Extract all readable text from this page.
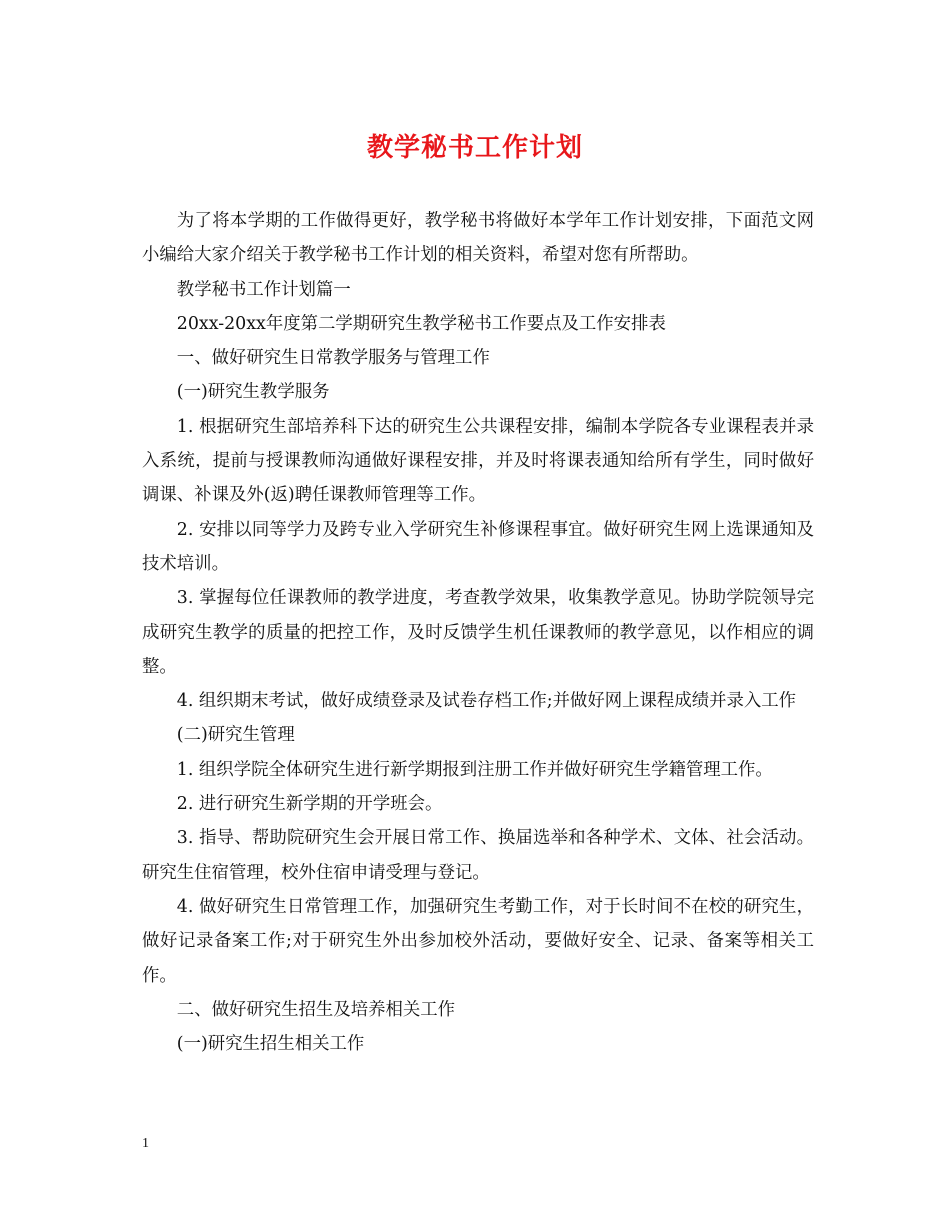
教学秘书工作计划

为了将本学期的工作做得更好，教学秘书将做好本学年工作计划安排，下面范文网小编给大家介绍关于教学秘书工作计划的相关资料，希望对您有所帮助。

教学秘书工作计划篇一

20xx-20xx年度第二学期研究生教学秘书工作要点及工作安排表

一、做好研究生日常教学服务与管理工作

(一)研究生教学服务

1. 根据研究生部培养科下达的研究生公共课程安排，编制本学院各专业课程表并录入系统，提前与授课教师沟通做好课程安排，并及时将课表通知给所有学生，同时做好调课、补课及外(返)聘任课教师管理等工作。

2. 安排以同等学力及跨专业入学研究生补修课程事宜。做好研究生网上选课通知及技术培训。

3. 掌握每位任课教师的教学进度，考查教学效果，收集教学意见。协助学院领导完成研究生教学的质量的把控工作，及时反馈学生机任课教师的教学意见，以作相应的调整。

4. 组织期末考试，做好成绩登录及试卷存档工作;并做好网上课程成绩并录入工作

(二)研究生管理

1. 组织学院全体研究生进行新学期报到注册工作并做好研究生学籍管理工作。

2. 进行研究生新学期的开学班会。

3. 指导、帮助院研究生会开展日常工作、换届选举和各种学术、文体、社会活动。研究生住宿管理，校外住宿申请受理与登记。

4. 做好研究生日常管理工作，加强研究生考勤工作，对于长时间不在校的研究生，做好记录备案工作;对于研究生外出参加校外活动，要做好安全、记录、备案等相关工作。

二、做好研究生招生及培养相关工作

(一)研究生招生相关工作

1
